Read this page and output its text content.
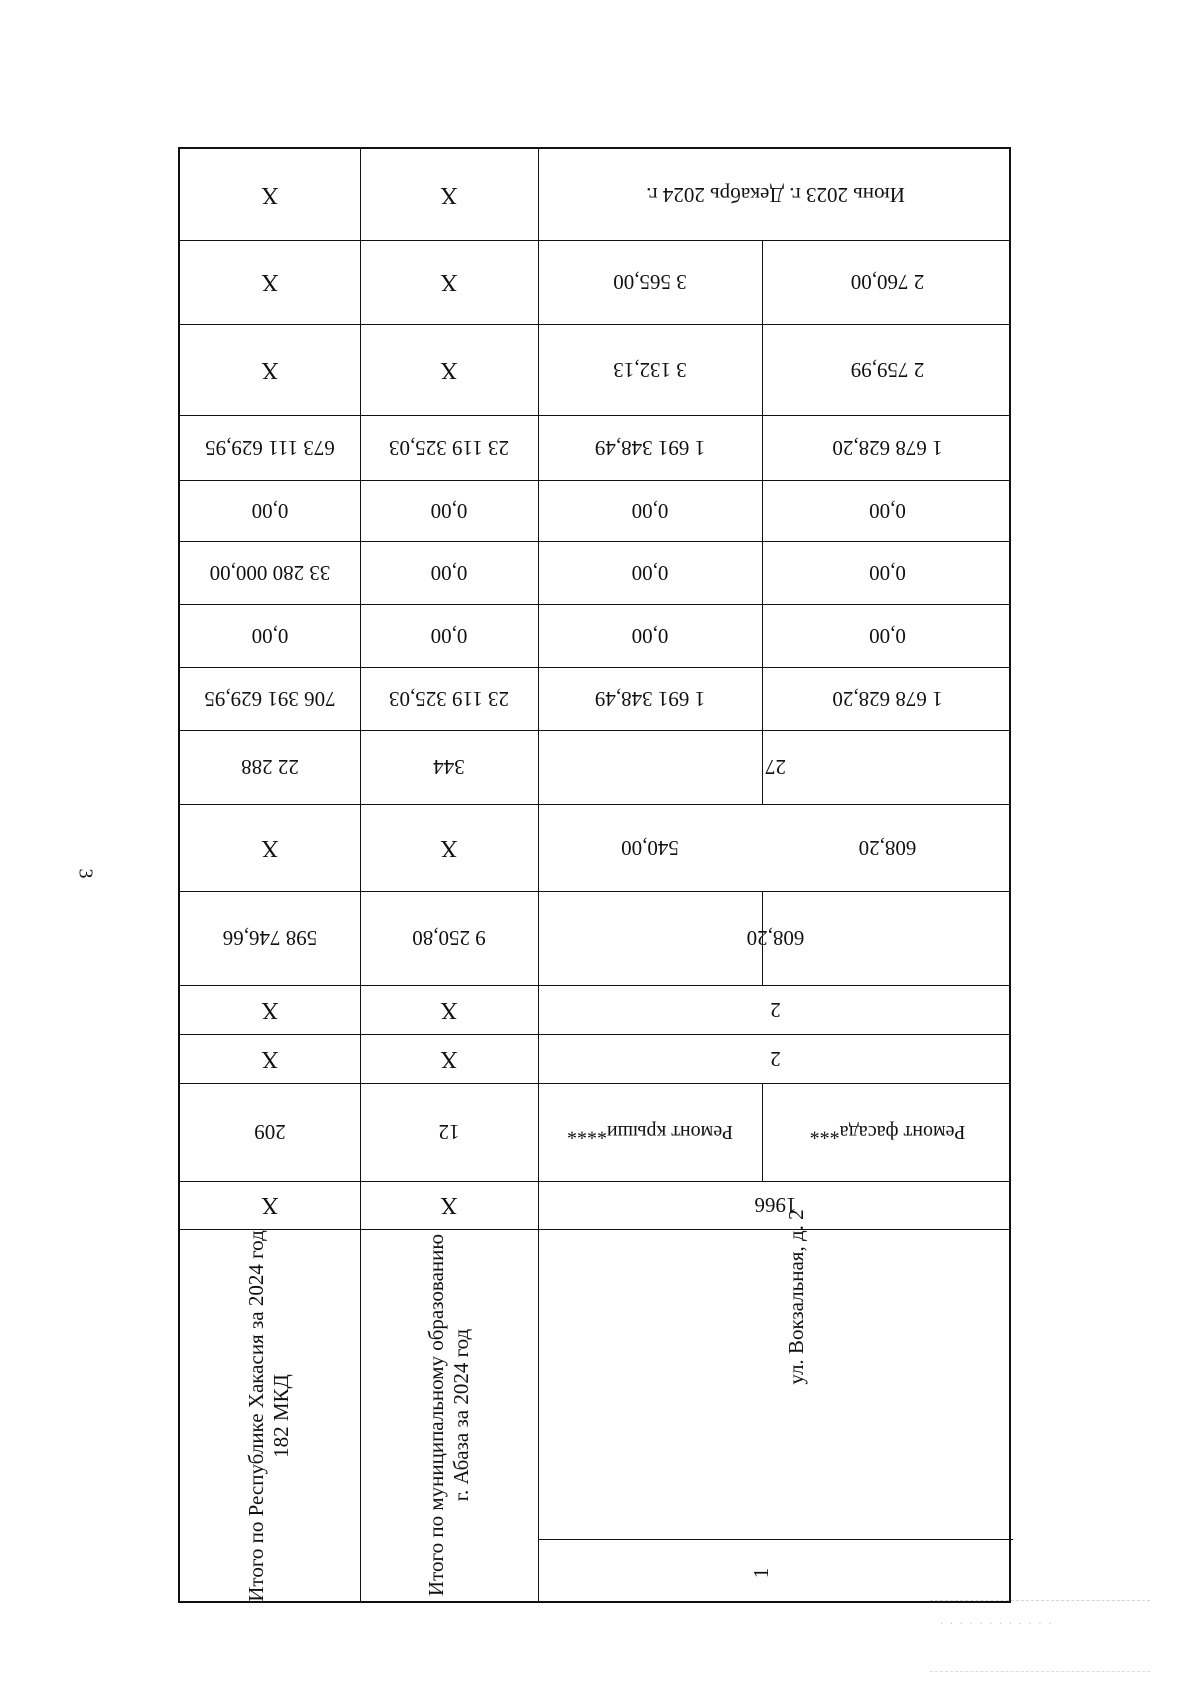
3
X
X
X
673 111 629,95
0,00
33 280 000,00
0,00
706 391 629,95
22 288
X
598 746,66
X
X
209
X
Итого по Республике Хакасия за 2024 год 182 МКД
X
X
X
23 119 325,03
0,00
0,00
0,00
23 119 325,03
344
X
9 250,80
X
X
12
X
Итого по муниципальному образованию г. Абаза за 2024 год
Июнь 2023 г. Декабрь 2024 г.
2 760,00
3 565,00
2 759,99
3 132,13
1 678 628,20
1 691 348,49
0,00
0,00
0,00
0,00
0,00
0,00
1 678 628,20
1 691 348,49
27
608,20
540,00
608,20
2
2
Ремонт фасада***
Ремонт крыши****
1966
ул. Вокзальная, д. 2
1
· · · · · · · · · · · ·
